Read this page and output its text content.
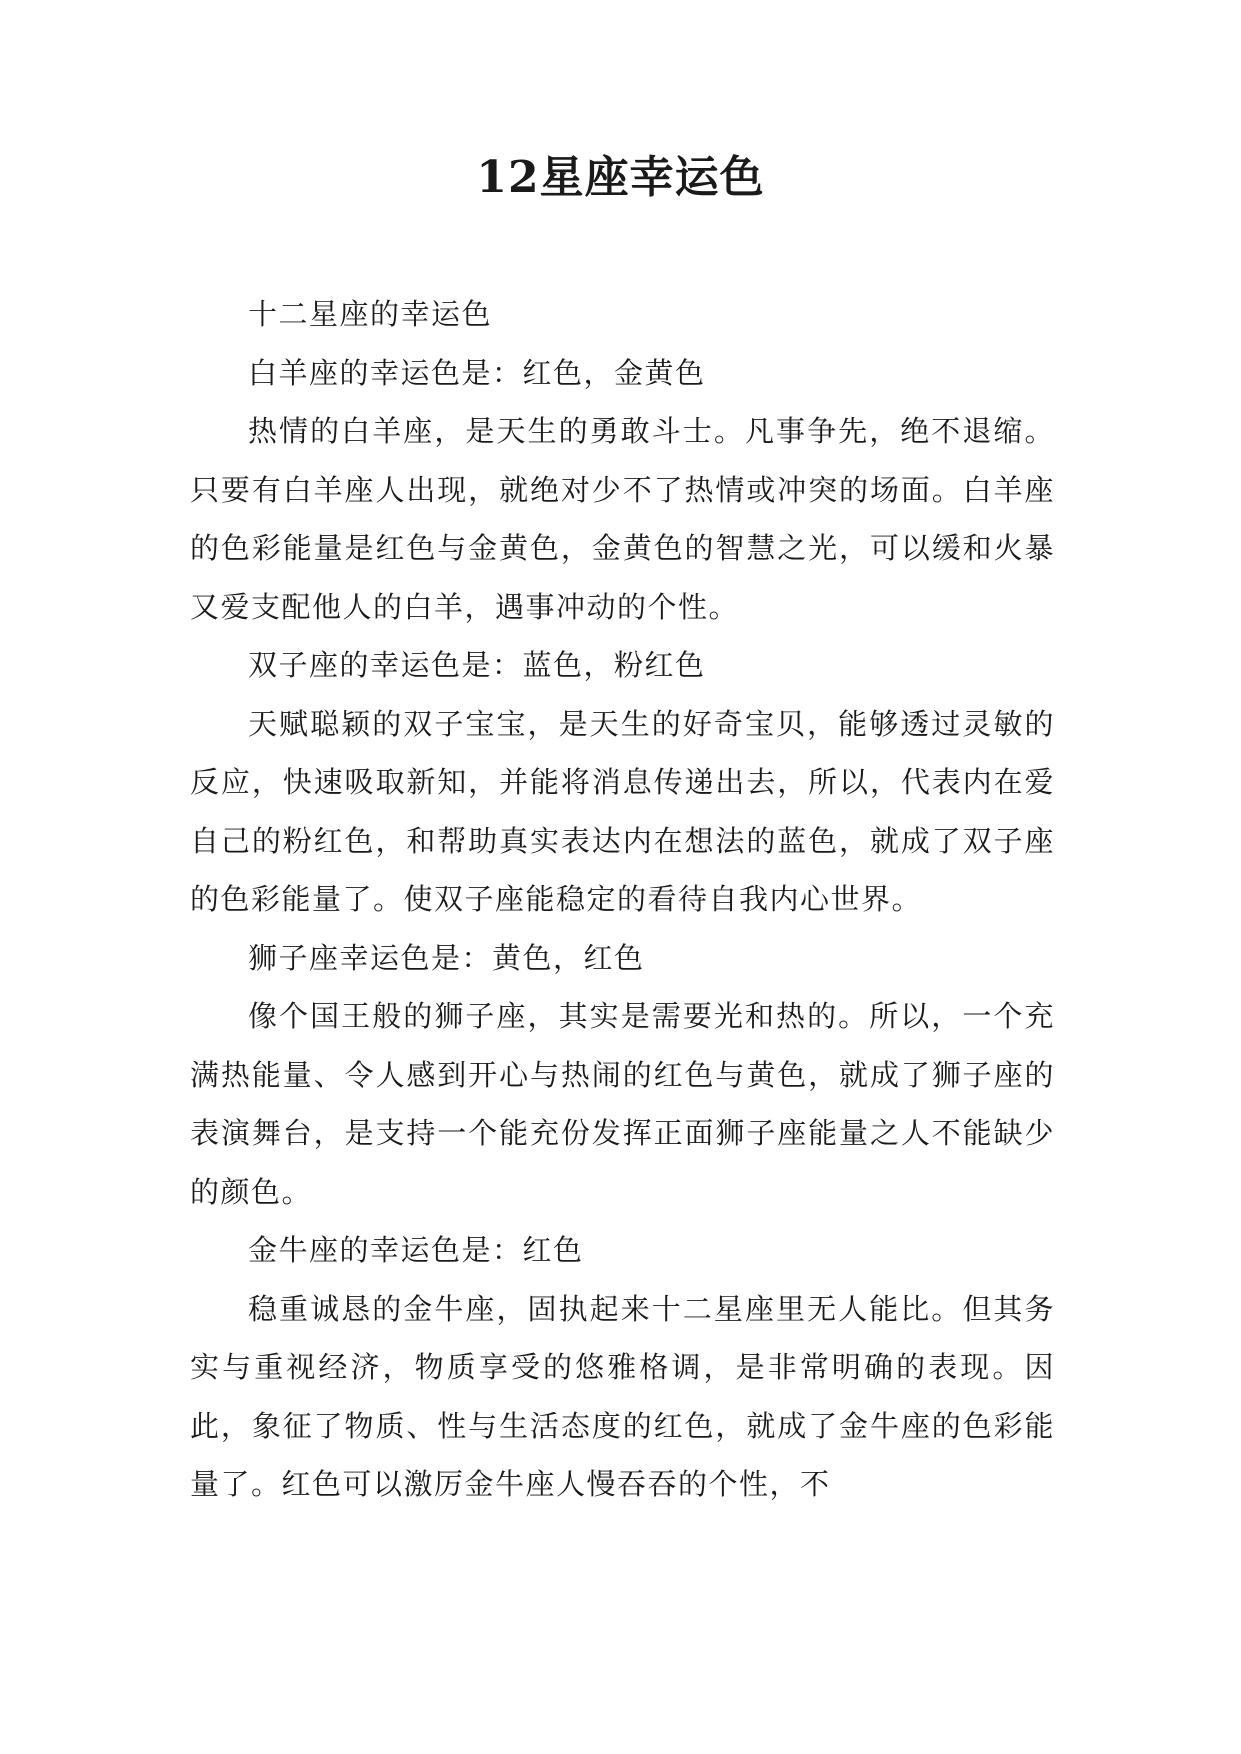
12星座幸运色

十二星座的幸运色

白羊座的幸运色是：红色，金黄色

热情的白羊座，是天生的勇敢斗士。凡事争先，绝不退缩。只要有白羊座人出现，就绝对少不了热情或冲突的场面。白羊座的色彩能量是红色与金黄色，金黄色的智慧之光，可以缓和火暴又爱支配他人的白羊，遇事冲动的个性。

双子座的幸运色是：蓝色，粉红色

天赋聪颖的双子宝宝，是天生的好奇宝贝，能够透过灵敏的反应，快速吸取新知，并能将消息传递出去，所以，代表内在爱自己的粉红色，和帮助真实表达内在想法的蓝色，就成了双子座的色彩能量了。使双子座能稳定的看待自我内心世界。

狮子座幸运色是：黄色，红色

像个国王般的狮子座，其实是需要光和热的。所以，一个充满热能量、令人感到开心与热闹的红色与黄色，就成了狮子座的表演舞台，是支持一个能充份发挥正面狮子座能量之人不能缺少的颜色。

金牛座的幸运色是：红色

稳重诚恳的金牛座，固执起来十二星座里无人能比。但其务实与重视经济，物质享受的悠雅格调，是非常明确的表现。因此，象征了物质、性与生活态度的红色，就成了金牛座的色彩能量了。红色可以激厉金牛座人慢吞吞的个性，不
